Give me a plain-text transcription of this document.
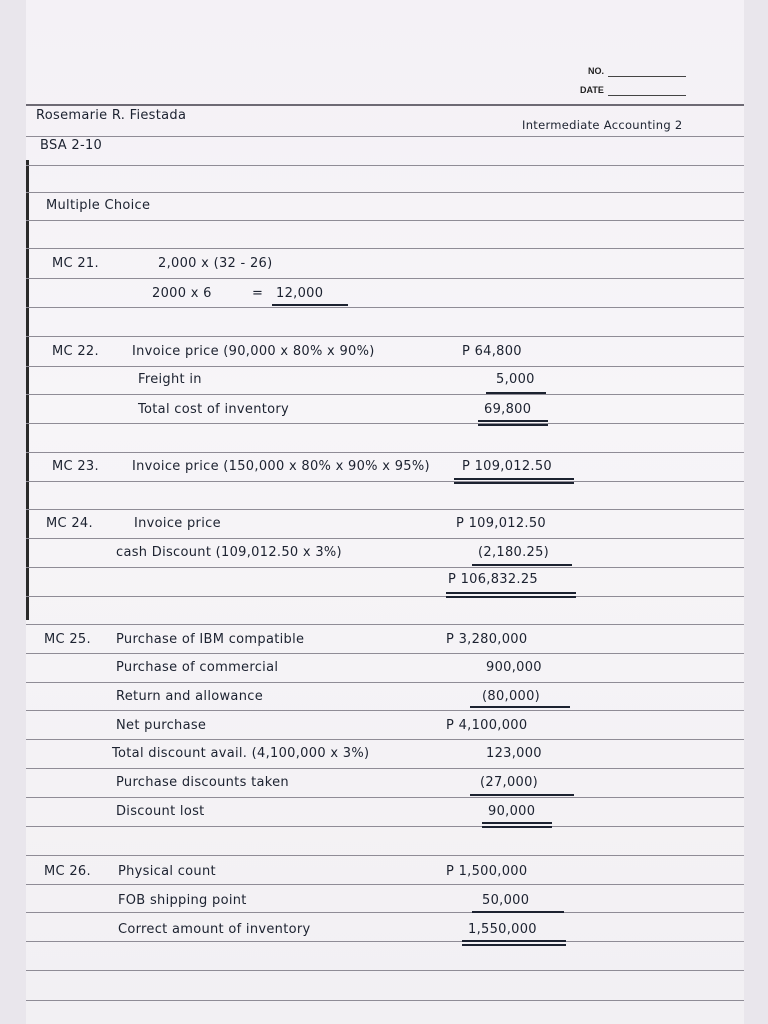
NO.
DATE
Rosemarie R. Fiestada
Intermediate Accounting 2
BSA 2-10
Multiple Choice
MC 21.	2,000 x (32 - 26)
2000 x 6	= 12,000
MC 22.	Invoice price (90,000 x 80% x 90%)	P 64,800
Freight in	5,000
Total cost of inventory	69,800
MC 23.	Invoice price (150,000 x 80% x 90% x 95%) P 109,012.50
MC 24.	Invoice price	P 109,012.50
cash Discount (109,012.50 x 3%)	(2,180.25)
P 106,832.25
MC 25. Purchase of IBM compatible	P 3,280,000
Purchase of commercial	900,000
Return and allowance	(80,000)
Net purchase	P 4,100,000
Total discount avail. (4,100,000 x 3%)	123,000
Purchase discounts taken	(27,000)
Discount lost	90,000
MC 26. Physical count	P 1,500,000
FOB shipping point	50,000
Correct amount of inventory	1,550,000
